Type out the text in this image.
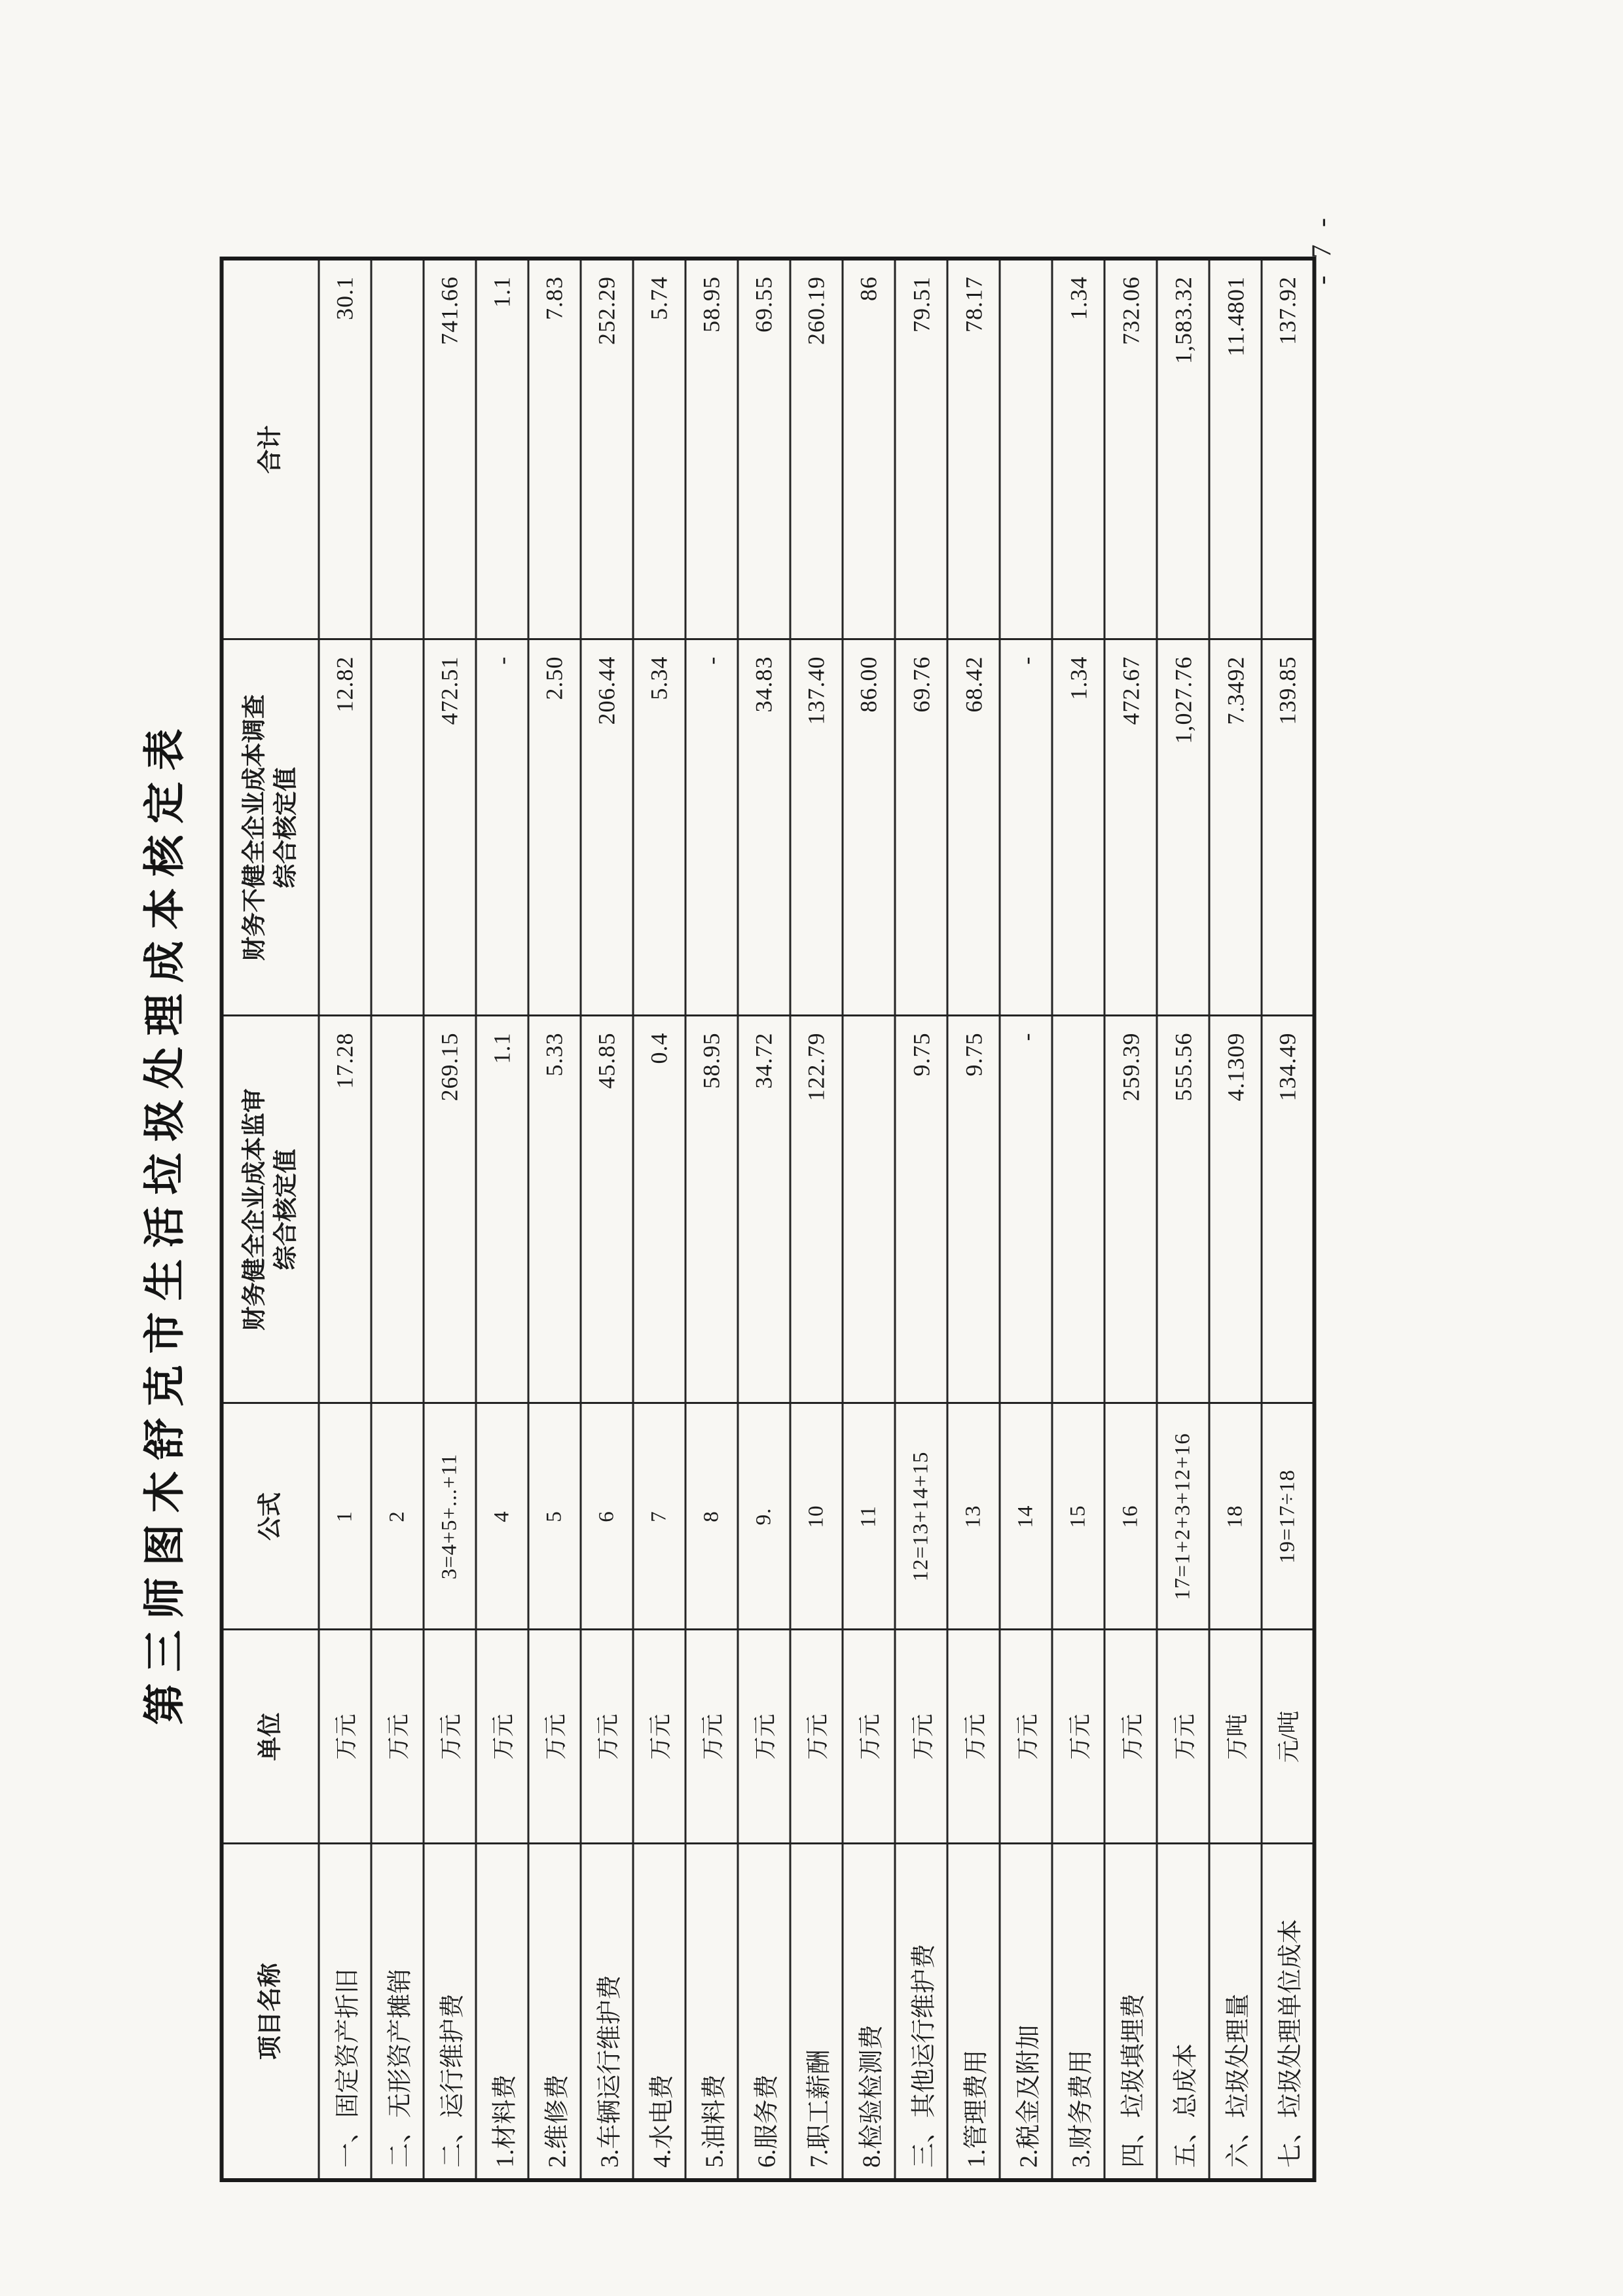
第三师图木舒克市生活垃圾处理成本核定表
项目名称	单位	公式	财务健全企业成本监审 综合核定值	财务不健全企业成本调查 综合核定值	合计
一、固定资产折旧	万元	1	17.28	12.82	30.1
二、无形资产摊销	万元	2			
二、运行维护费	万元	3=4+5+...+11	269.15	472.51	741.66
1.材料费	万元	4	1.1	-	1.1
2.维修费	万元	5	5.33	2.50	7.83
3.车辆运行维护费	万元	6	45.85	206.44	252.29
4.水电费	万元	7	0.4	5.34	5.74
5.油料费	万元	8	58.95	-	58.95
6.服务费	万元	9.	34.72	34.83	69.55
7.职工薪酬	万元	10	122.79	137.40	260.19
8.检验检测费	万元	11		86.00	86
三、其他运行维护费	万元	12=13+14+15	9.75	69.76	79.51
1.管理费用	万元	13	9.75	68.42	78.17
2.税金及附加	万元	14	-	-	
3.财务费用	万元	15		1.34	1.34
四、垃圾填埋费	万元	16	259.39	472.67	732.06
五、总成本	万元	17=1+2+3+12+16	555.56	1,027.76	1,583.32
六、垃圾处理量	万吨	18	4.1309	7.3492	11.4801
七、垃圾处理单位成本	元/吨	19=17÷18	134.49	139.85	137.92
- 7 -
